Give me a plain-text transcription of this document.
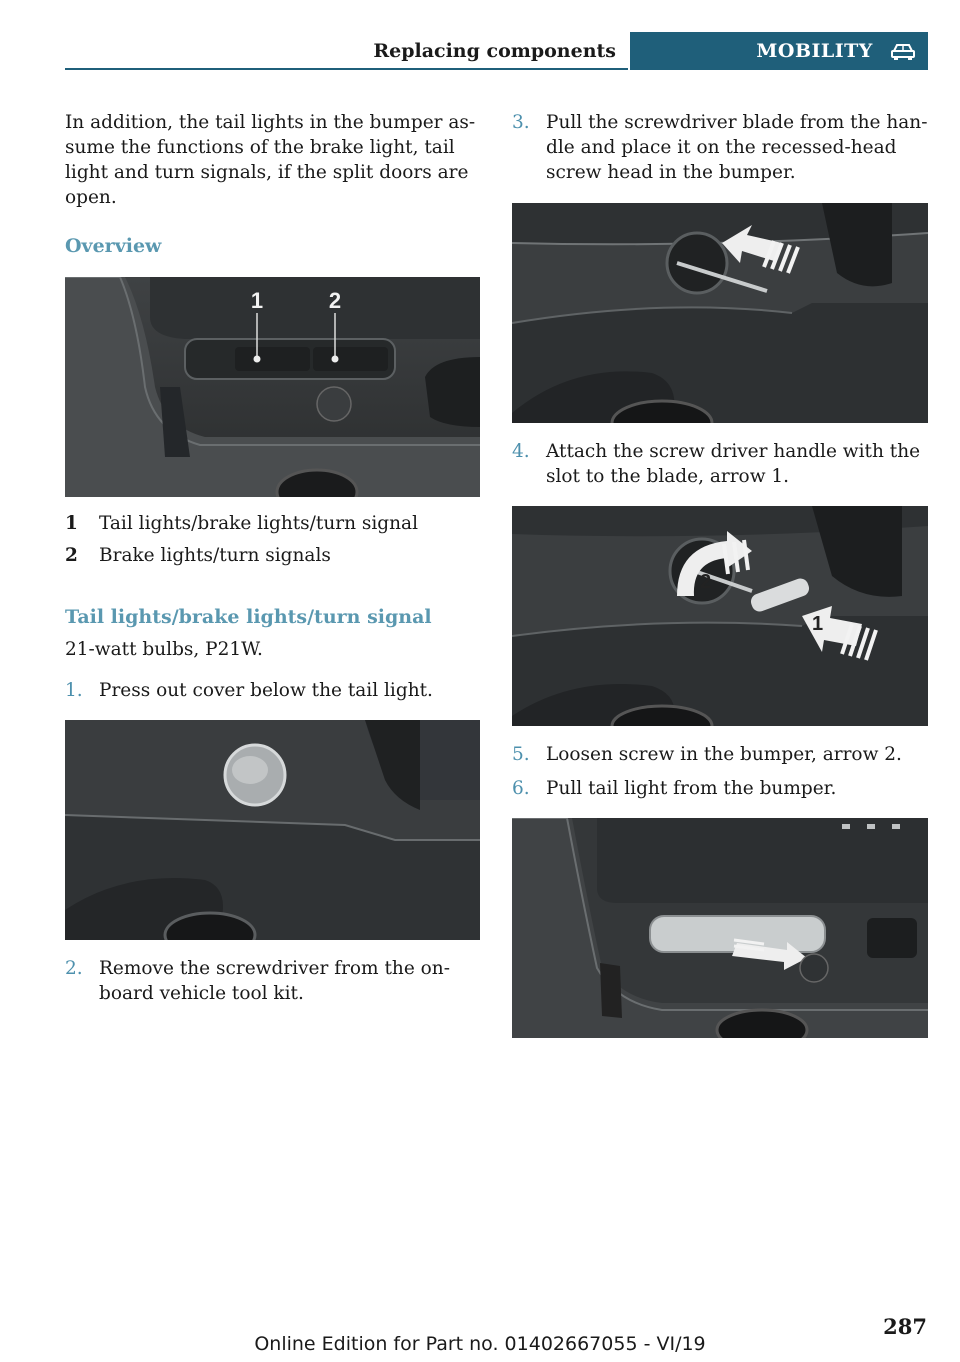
Replacing components	MOBILITY

In addition, the tail lights in the bumper assume the functions of the brake light, tail light and turn signals, if the split doors are open.

Overview
1	2
1	Tail lights/brake lights/turn signal
2	Brake lights/turn signals
Tail lights/brake lights/turn signal

21-watt bulbs, P21W.

1. Press out cover below the tail light.
2. Remove the screwdriver from the onboard vehicle tool kit.
3. Pull the screwdriver blade from the handle and place it on the recessed-head screw head in the bumper.
4. Attach the screw driver handle with the slot to the blade, arrow 1.
2
1
5. Loosen screw in the bumper, arrow 2.
6. Pull tail light from the bumper.
287
Online Edition for Part no. 01402667055 - VI/19
